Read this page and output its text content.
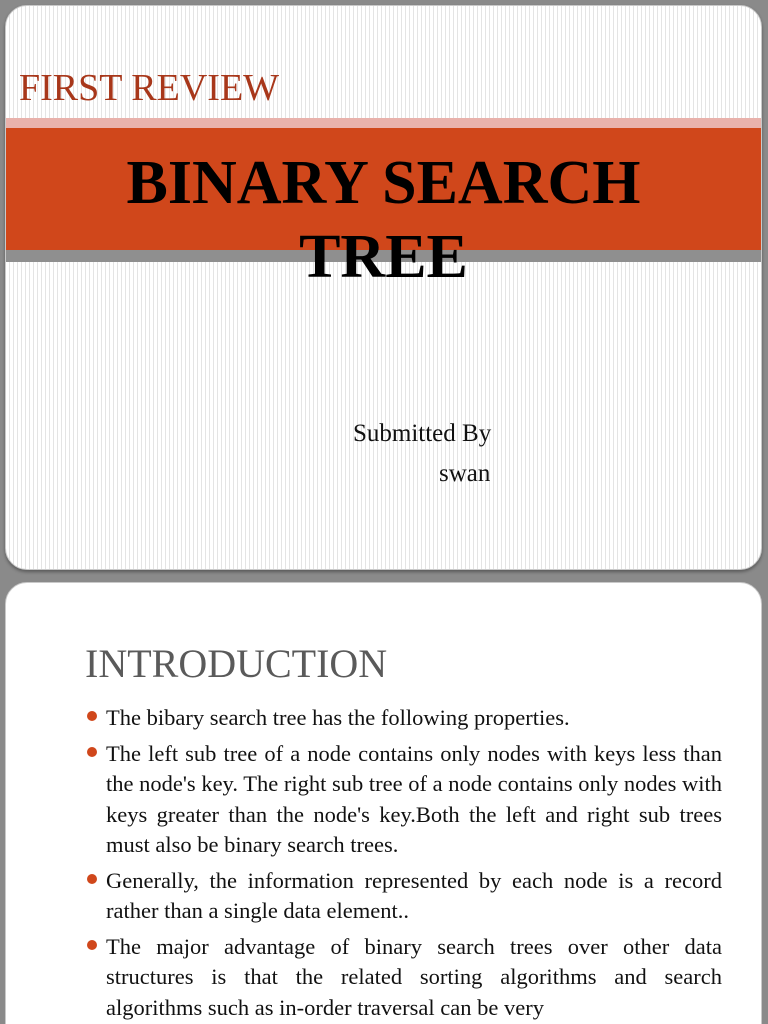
FIRST REVIEW
BINARY SEARCH
TREE
Submitted By
swan
INTRODUCTION
The bibary search tree has the following properties.
The left sub tree of a node contains only nodes with keys less than the node's key. The right sub tree of a node contains only nodes with keys greater than the node's key.Both the left and right sub trees must also be binary search trees.
Generally, the information represented by each node is a record rather than a single data element..
The major advantage of binary search trees over other data structures is that the related sorting algorithms and search algorithms such as in-order traversal can be very
